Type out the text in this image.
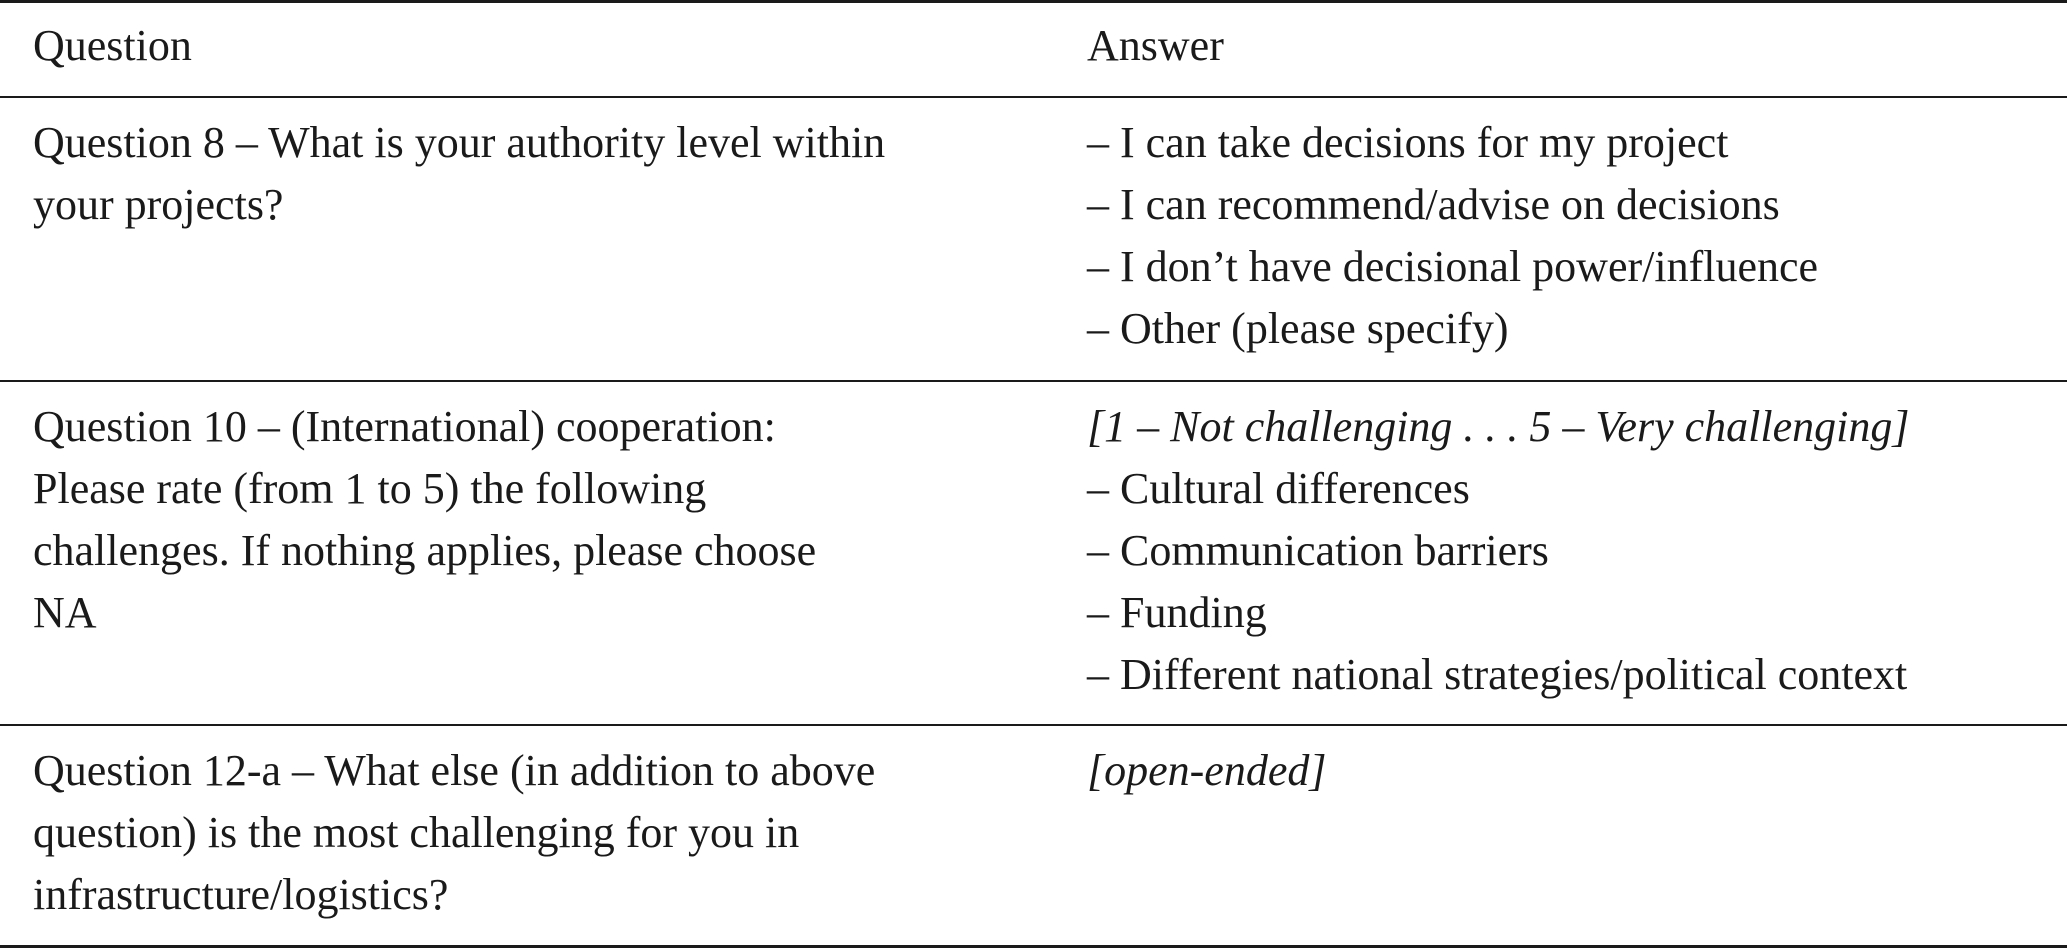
Question	Answer
Question 8 – What is your authority level within
your projects?
– I can take decisions for my project
– I can recommend/advise on decisions
– I don’t have decisional power/influence
– Other (please specify)
Question 10 – (International) cooperation:
Please rate (from 1 to 5) the following
challenges. If nothing applies, please choose
NA
[1 – Not challenging . . . 5 – Very challenging]
– Cultural differences
– Communication barriers
– Funding
– Different national strategies/political context
Question 12-a – What else (in addition to above
question) is the most challenging for you in
infrastructure/logistics?
[open-ended]
